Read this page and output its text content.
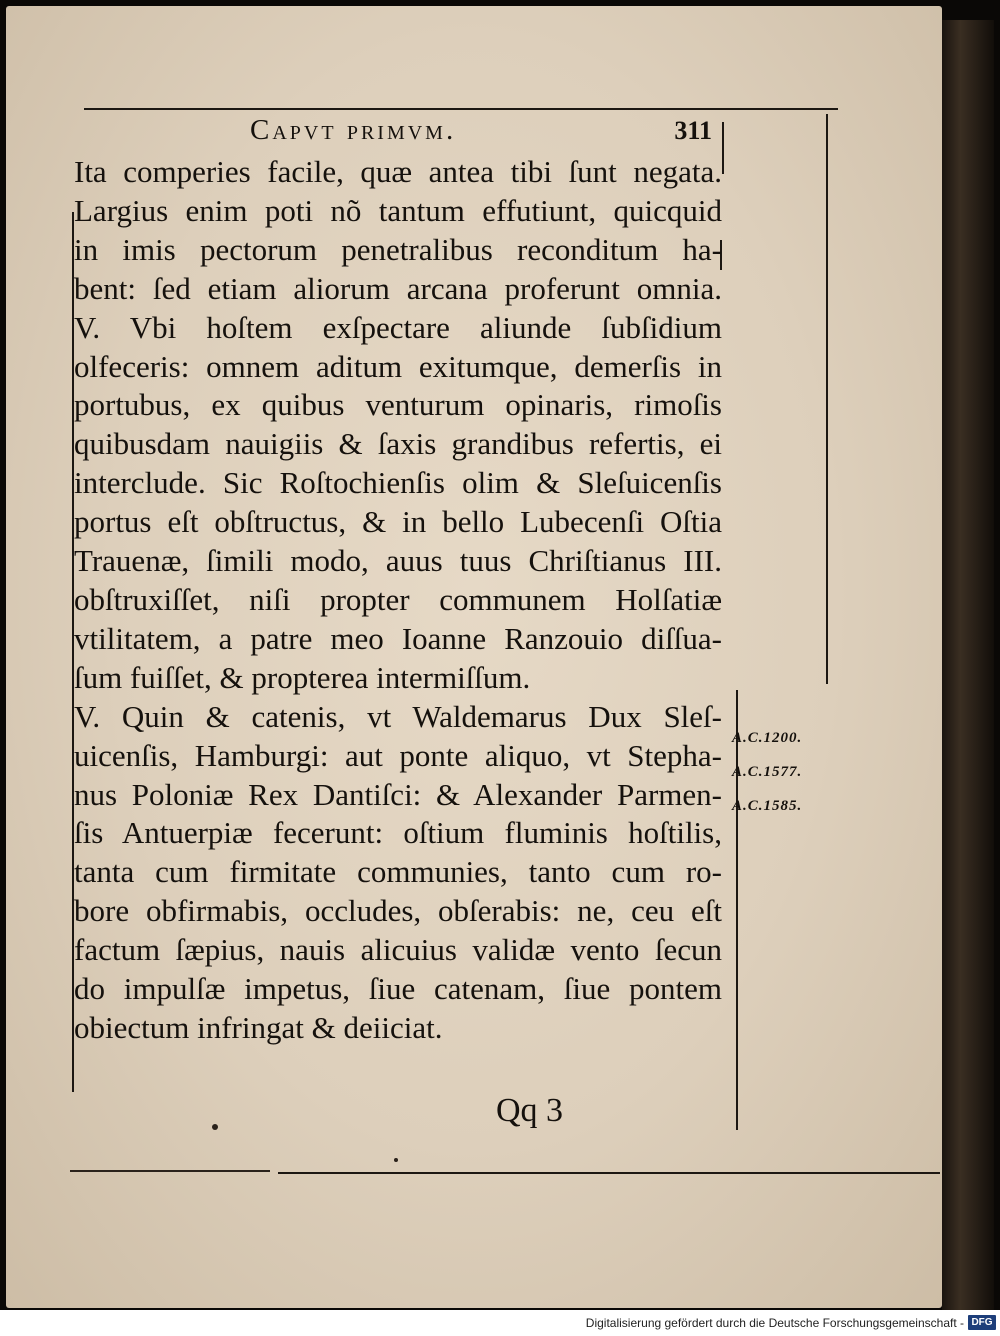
Capvt primvm.	311
Ita comperies facile, quæ antea tibi ſunt negata.
Largius enim poti nõ tantum effutiunt, quicquid
in imis pectorum penetralibus reconditum ha-
bent: ſed etiam aliorum arcana proferunt omnia.
V. Vbi hoſtem exſpectare aliunde ſubſidium
olfeceris: omnem aditum exitumque, demerſis in
portubus, ex quibus venturum opinaris, rimoſis
quibusdam nauigiis & ſaxis grandibus refertis, ei
intercludе. Sic Roſtochienſis olim & Sleſuicenſis
portus eſt obſtructus, & in bello Lubecenſi Oſtia
Trauenæ, ſimili modo, auus tuus Chriſtianus III.
obſtruxiſſet, niſi propter communem Holſatiæ
vtilitatem, a patre meo Ioanne Ranzouio diſſua-
ſum fuiſſet, & propterea intermiſſum.
V. Quin & catenis, vt Waldemarus Dux Sleſ-
uicenſis, Hamburgi: aut ponte aliquo, vt Stepha-
nus Poloniæ Rex Dantiſci: & Alexander Parmen-
ſis Antuerpiæ fecerunt: oſtium fluminis hoſtilis,
tanta cum firmitate communies, tanto cum ro-
bore obfirmabis, occludes, obſerabis: ne, ceu eſt
factum ſæpius, nauis alicuius validæ vento ſecun
do impulſæ impetus, ſiue catenam, ſiue pontem
obiectum infringat & deiiciat.
A.C.1200.
A.C.1577.
A.C.1585.
Qq 3
Digitalisierung gefördert durch die Deutsche Forschungsgemeinschaft - DFG
